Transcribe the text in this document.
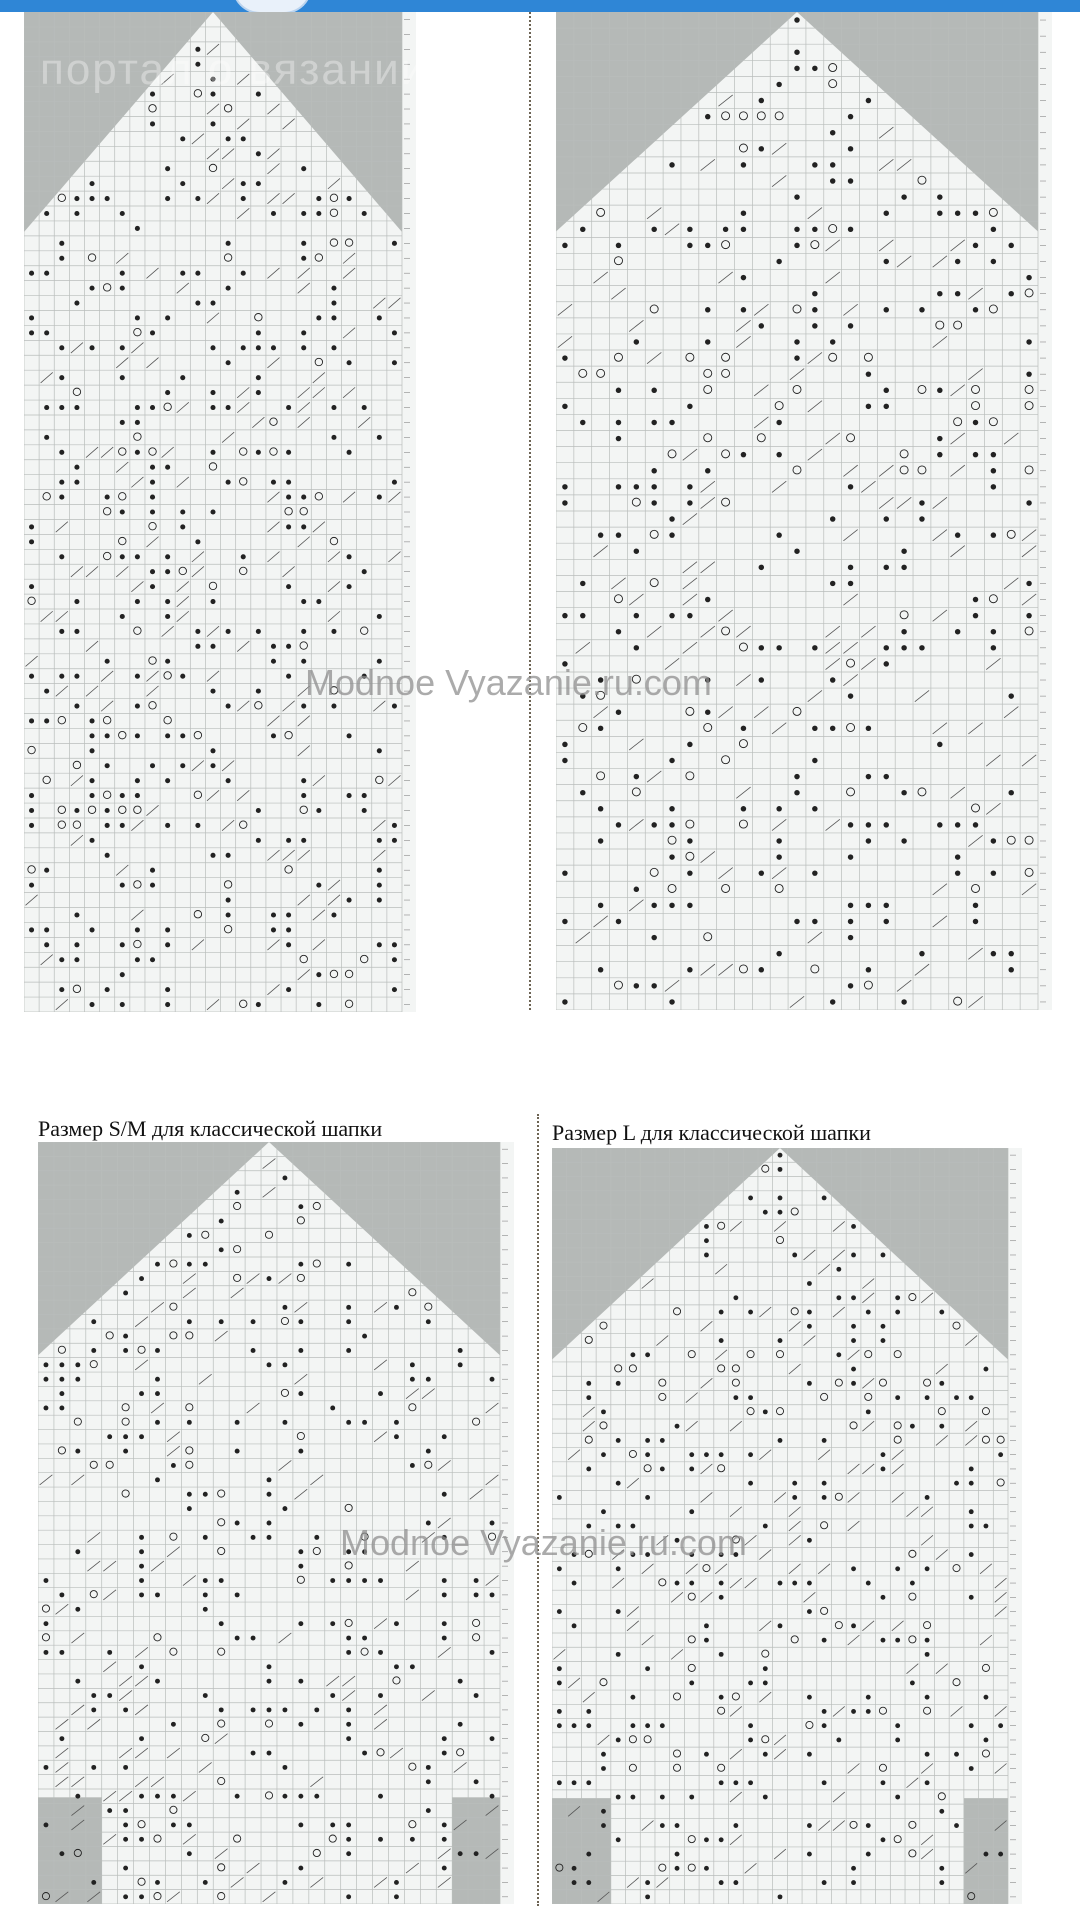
Modnoe Vyazanie.ru.com
Размер S/M для классической шапки	Размер L для классической шапки
Modnoe Vyazanie.ru.com
портал о вязании
